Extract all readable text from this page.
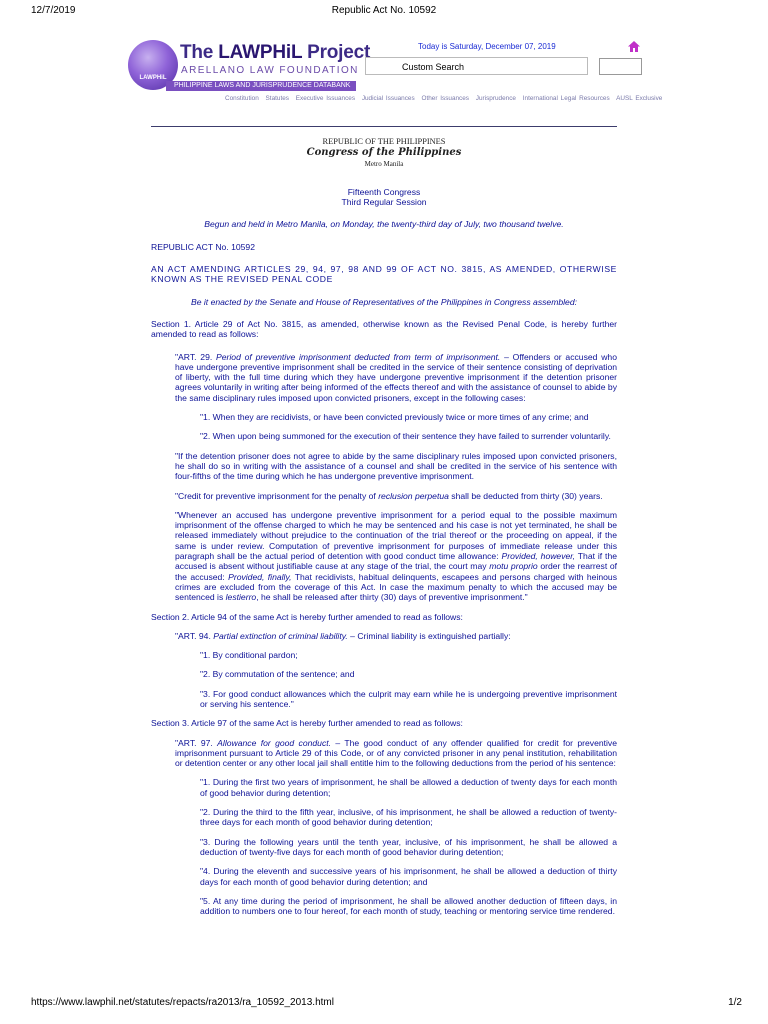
12/7/2019	Republic Act No. 10592
LAWPHiL
The LAWPHiL Project
ARELLANO LAW FOUNDATION
PHILIPPINE LAWS AND JURISPRUDENCE DATABANK
Today is Saturday, December 07, 2019
Custom Search
Constitution Statutes Executive Issuances Judicial Issuances Other Issuances Jurisprudence International Legal Resources AUSL Exclusive
REPUBLIC OF THE PHILIPPINES
Congress of the Philippines
Metro Manila

Fifteenth Congress

Third Regular Session

Begun and held in Metro Manila, on Monday, the twenty-third day of July, two thousand twelve.

REPUBLIC ACT No. 10592

AN ACT AMENDING ARTICLES 29, 94, 97, 98 AND 99 OF ACT NO. 3815, AS AMENDED, OTHERWISE KNOWN AS THE REVISED PENAL CODE

Be it enacted by the Senate and House of Representatives of the Philippines in Congress assembled:

Section 1. Article 29 of Act No. 3815, as amended, otherwise known as the Revised Penal Code, is hereby further amended to read as follows:

"ART. 29. Period of preventive imprisonment deducted from term of imprisonment. – Offenders or accused who have undergone preventive imprisonment shall be credited in the service of their sentence consisting of deprivation of liberty, with the full time during which they have undergone preventive imprisonment if the detention prisoner agrees voluntarily in writing after being informed of the effects thereof and with the assistance of counsel to abide by the same disciplinary rules imposed upon convicted prisoners, except in the following cases:

"1. When they are recidivists, or have been convicted previously twice or more times of any crime; and

"2. When upon being summoned for the execution of their sentence they have failed to surrender voluntarily.

"If the detention prisoner does not agree to abide by the same disciplinary rules imposed upon convicted prisoners, he shall do so in writing with the assistance of a counsel and shall be credited in the service of his sentence with four-fifths of the time during which he has undergone preventive imprisonment.

"Credit for preventive imprisonment for the penalty of reclusion perpetua shall be deducted from thirty (30) years.

"Whenever an accused has undergone preventive imprisonment for a period equal to the possible maximum imprisonment of the offense charged to which he may be sentenced and his case is not yet terminated, he shall be released immediately without prejudice to the continuation of the trial thereof or the proceeding on appeal, if the same is under review. Computation of preventive imprisonment for purposes of immediate release under this paragraph shall be the actual period of detention with good conduct time allowance: Provided, however, That if the accused is absent without justifiable cause at any stage of the trial, the court may motu proprio order the rearrest of the accused: Provided, finally, That recidivists, habitual delinquents, escapees and persons charged with heinous crimes are excluded from the coverage of this Act. In case the maximum penalty to which the accused may be sentenced is lestierro, he shall be released after thirty (30) days of preventive imprisonment."

Section 2. Article 94 of the same Act is hereby further amended to read as follows:

"ART. 94. Partial extinction of criminal liability. – Criminal liability is extinguished partially:

"1. By conditional pardon;

"2. By commutation of the sentence; and

"3. For good conduct allowances which the culprit may earn while he is undergoing preventive imprisonment or serving his sentence."

Section 3. Article 97 of the same Act is hereby further amended to read as follows:

"ART. 97. Allowance for good conduct. – The good conduct of any offender qualified for credit for preventive imprisonment pursuant to Article 29 of this Code, or of any convicted prisoner in any penal institution, rehabilitation or detention center or any other local jail shall entitle him to the following deductions from the period of his sentence:

"1. During the first two years of imprisonment, he shall be allowed a deduction of twenty days for each month of good behavior during detention;

"2. During the third to the fifth year, inclusive, of his imprisonment, he shall be allowed a reduction of twenty-three days for each month of good behavior during detention;

"3. During the following years until the tenth year, inclusive, of his imprisonment, he shall be allowed a deduction of twenty-five days for each month of good behavior during detention;

"4. During the eleventh and successive years of his imprisonment, he shall be allowed a deduction of thirty days for each month of good behavior during detention; and

"5. At any time during the period of imprisonment, he shall be allowed another deduction of fifteen days, in addition to numbers one to four hereof, for each month of study, teaching or mentoring service time rendered.

https://www.lawphil.net/statutes/repacts/ra2013/ra_10592_2013.html	1/2
